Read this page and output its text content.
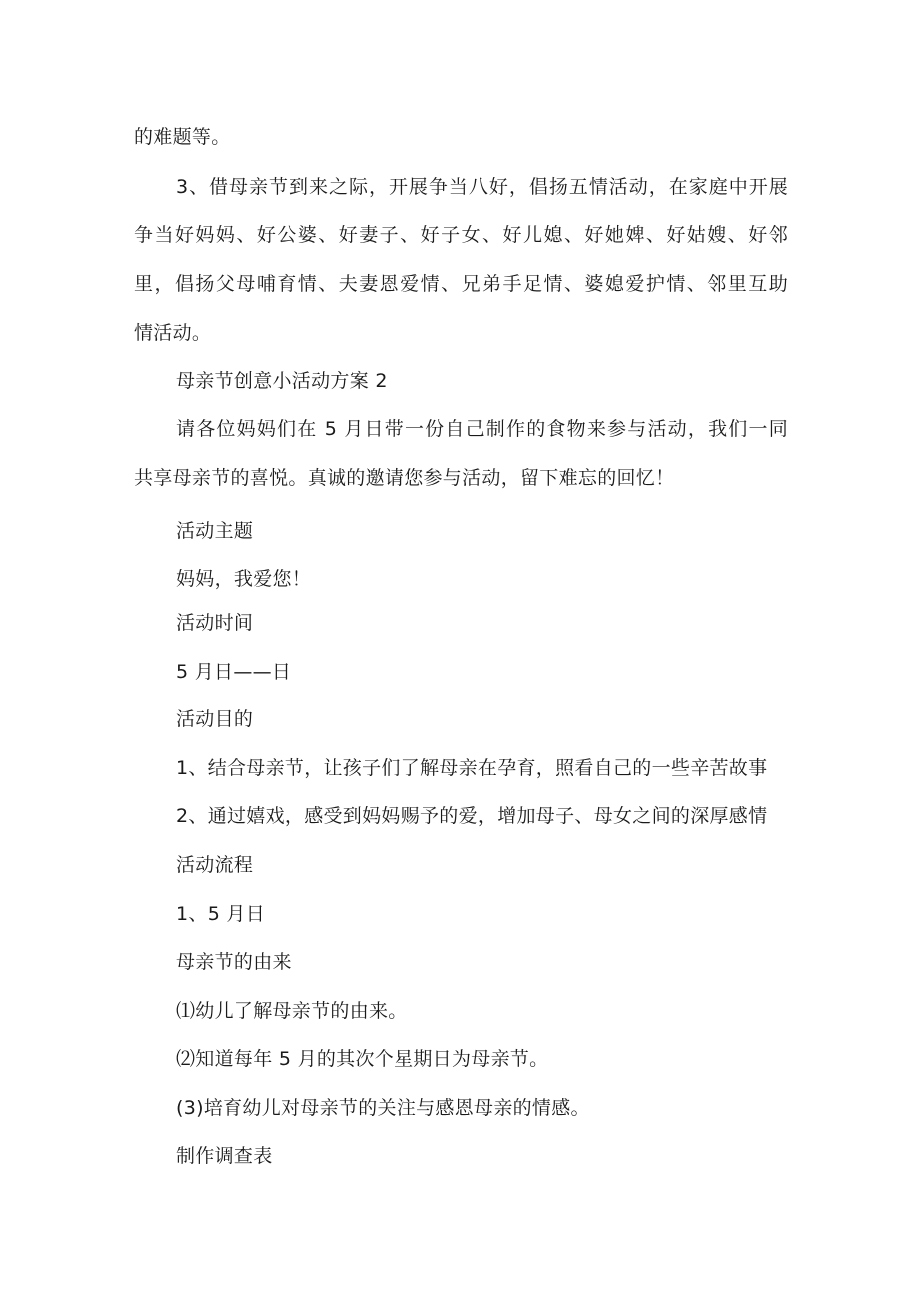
的难题等。

3、借母亲节到来之际，开展争当八好，倡扬五情活动，在家庭中开展

争当好妈妈、好公婆、好妻子、好子女、好儿媳、好她婢、好姑嫂、好邻

里，倡扬父母哺育情、夫妻恩爱情、兄弟手足情、婆媳爱护情、邻里互助

情活动。

母亲节创意小活动方案 2

请各位妈妈们在 5 月日带一份自己制作的食物来参与活动，我们一同

共享母亲节的喜悦。真诚的邀请您参与活动，留下难忘的回忆！

活动主题

妈妈，我爱您！

活动时间

5 月日——日

活动目的

1、结合母亲节，让孩子们了解母亲在孕育，照看自己的一些辛苦故事

2、通过嬉戏，感受到妈妈赐予的爱，增加母子、母女之间的深厚感情

活动流程

1、5 月日

母亲节的由来

⑴幼儿了解母亲节的由来。

⑵知道每年 5 月的其次个星期日为母亲节。

(3)培育幼儿对母亲节的关注与感恩母亲的情感。

制作调查表
